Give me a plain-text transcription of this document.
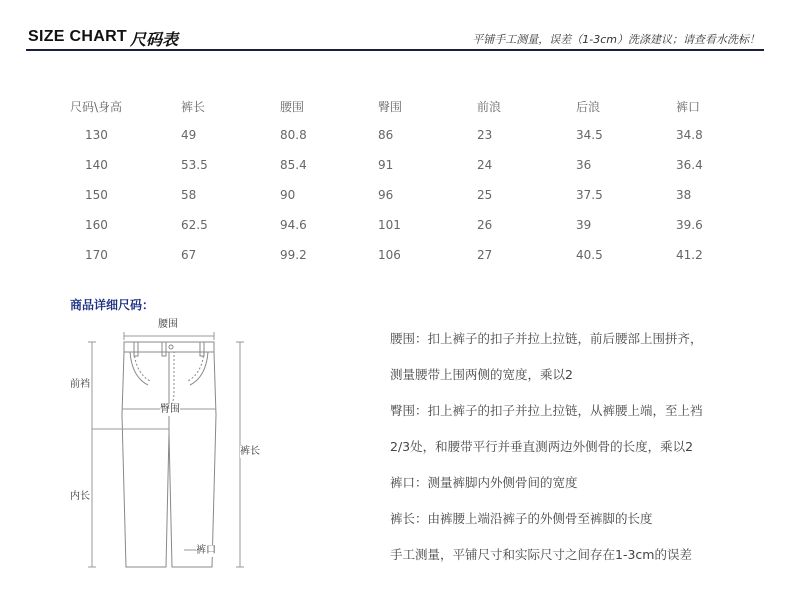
SIZE CHART 尺码表	平铺手工测量，误差（1-3cm）洗涤建议；请查看水洗标！
尺码\身高	裤长	腰围	臀围	前浪	后浪	裤口
130	49	80.8	86	23	34.5	34.8
140	53.5	85.4	91	24	36	36.4
150	58	90	96	25	37.5	38
160	62.5	94.6	101	26	39	39.6
170	67	99.2	106	27	40.5	41.2
商品详细尺码：
腰围
前裆
臀围
裤长
内长
裤口
腰围：扣上裤子的扣子并拉上拉链，前后腰部上围拼齐，
测量腰带上围两侧的宽度，乘以2
臀围：扣上裤子的扣子并拉上拉链，从裤腰上端，至上裆
2/3处，和腰带平行并垂直测两边外侧骨的长度，乘以2
裤口：测量裤脚内外侧骨间的宽度
裤长：由裤腰上端沿裤子的外侧骨至裤脚的长度
手工测量，平铺尺寸和实际尺寸之间存在1-3cm的误差
